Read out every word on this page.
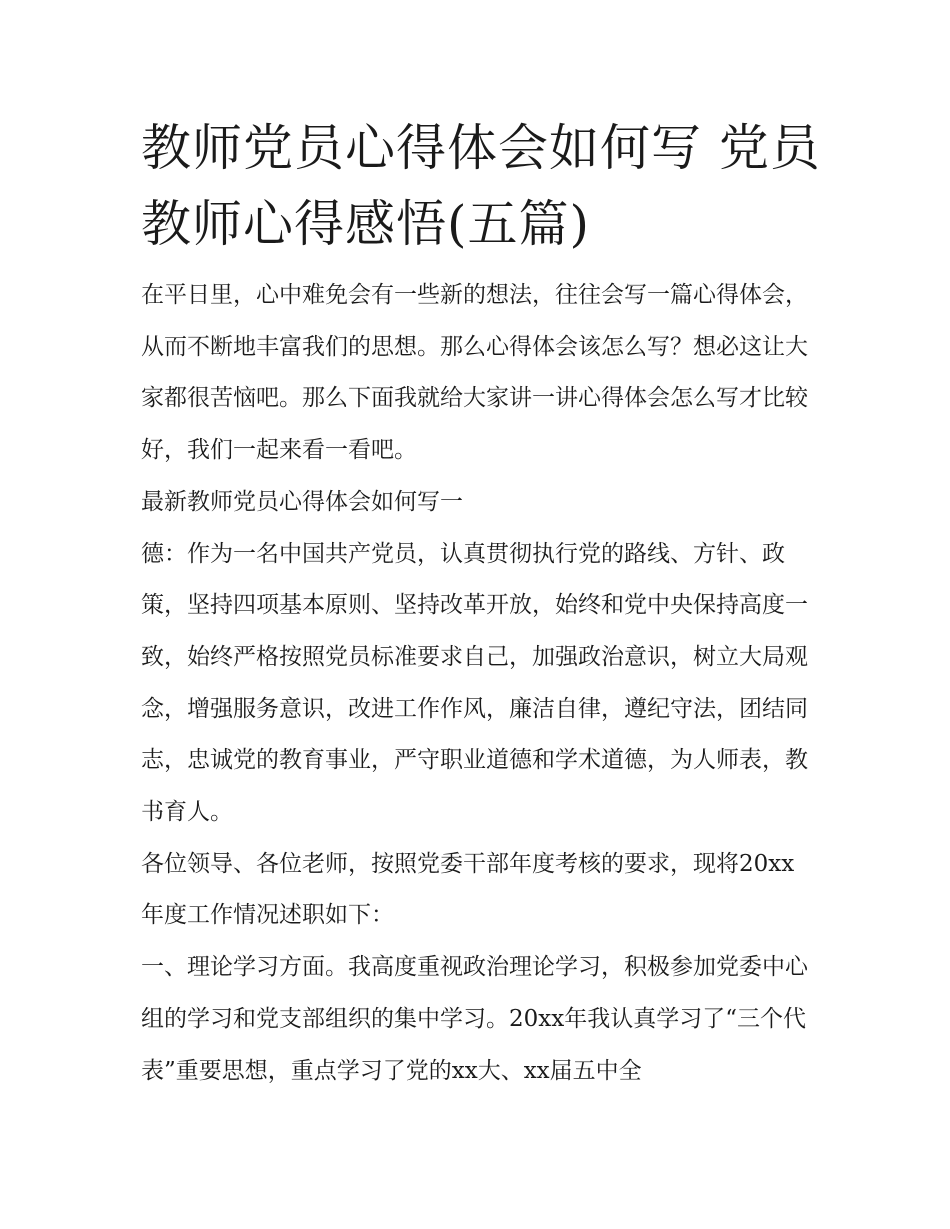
教师党员心得体会如何写 党员教师心得感悟(五篇)

在平日里，心中难免会有一些新的想法，往往会写一篇心得体会，从而不断地丰富我们的思想。那么心得体会该怎么写？想必这让大家都很苦恼吧。那么下面我就给大家讲一讲心得体会怎么写才比较好，我们一起来看一看吧。

最新教师党员心得体会如何写一

德：作为一名中国共产党员，认真贯彻执行党的路线、方针、政策，坚持四项基本原则、坚持改革开放，始终和党中央保持高度一致，始终严格按照党员标准要求自己，加强政治意识，树立大局观念，增强服务意识，改进工作作风，廉洁自律，遵纪守法，团结同志，忠诚党的教育事业，严守职业道德和学术道德，为人师表，教书育人。

各位领导、各位老师，按照党委干部年度考核的要求，现将20xx年度工作情况述职如下：

一、理论学习方面。我高度重视政治理论学习，积极参加党委中心组的学习和党支部组织的集中学习。20xx年我认真学习了“三个代表”重要思想，重点学习了党的xx大、xx届五中全
